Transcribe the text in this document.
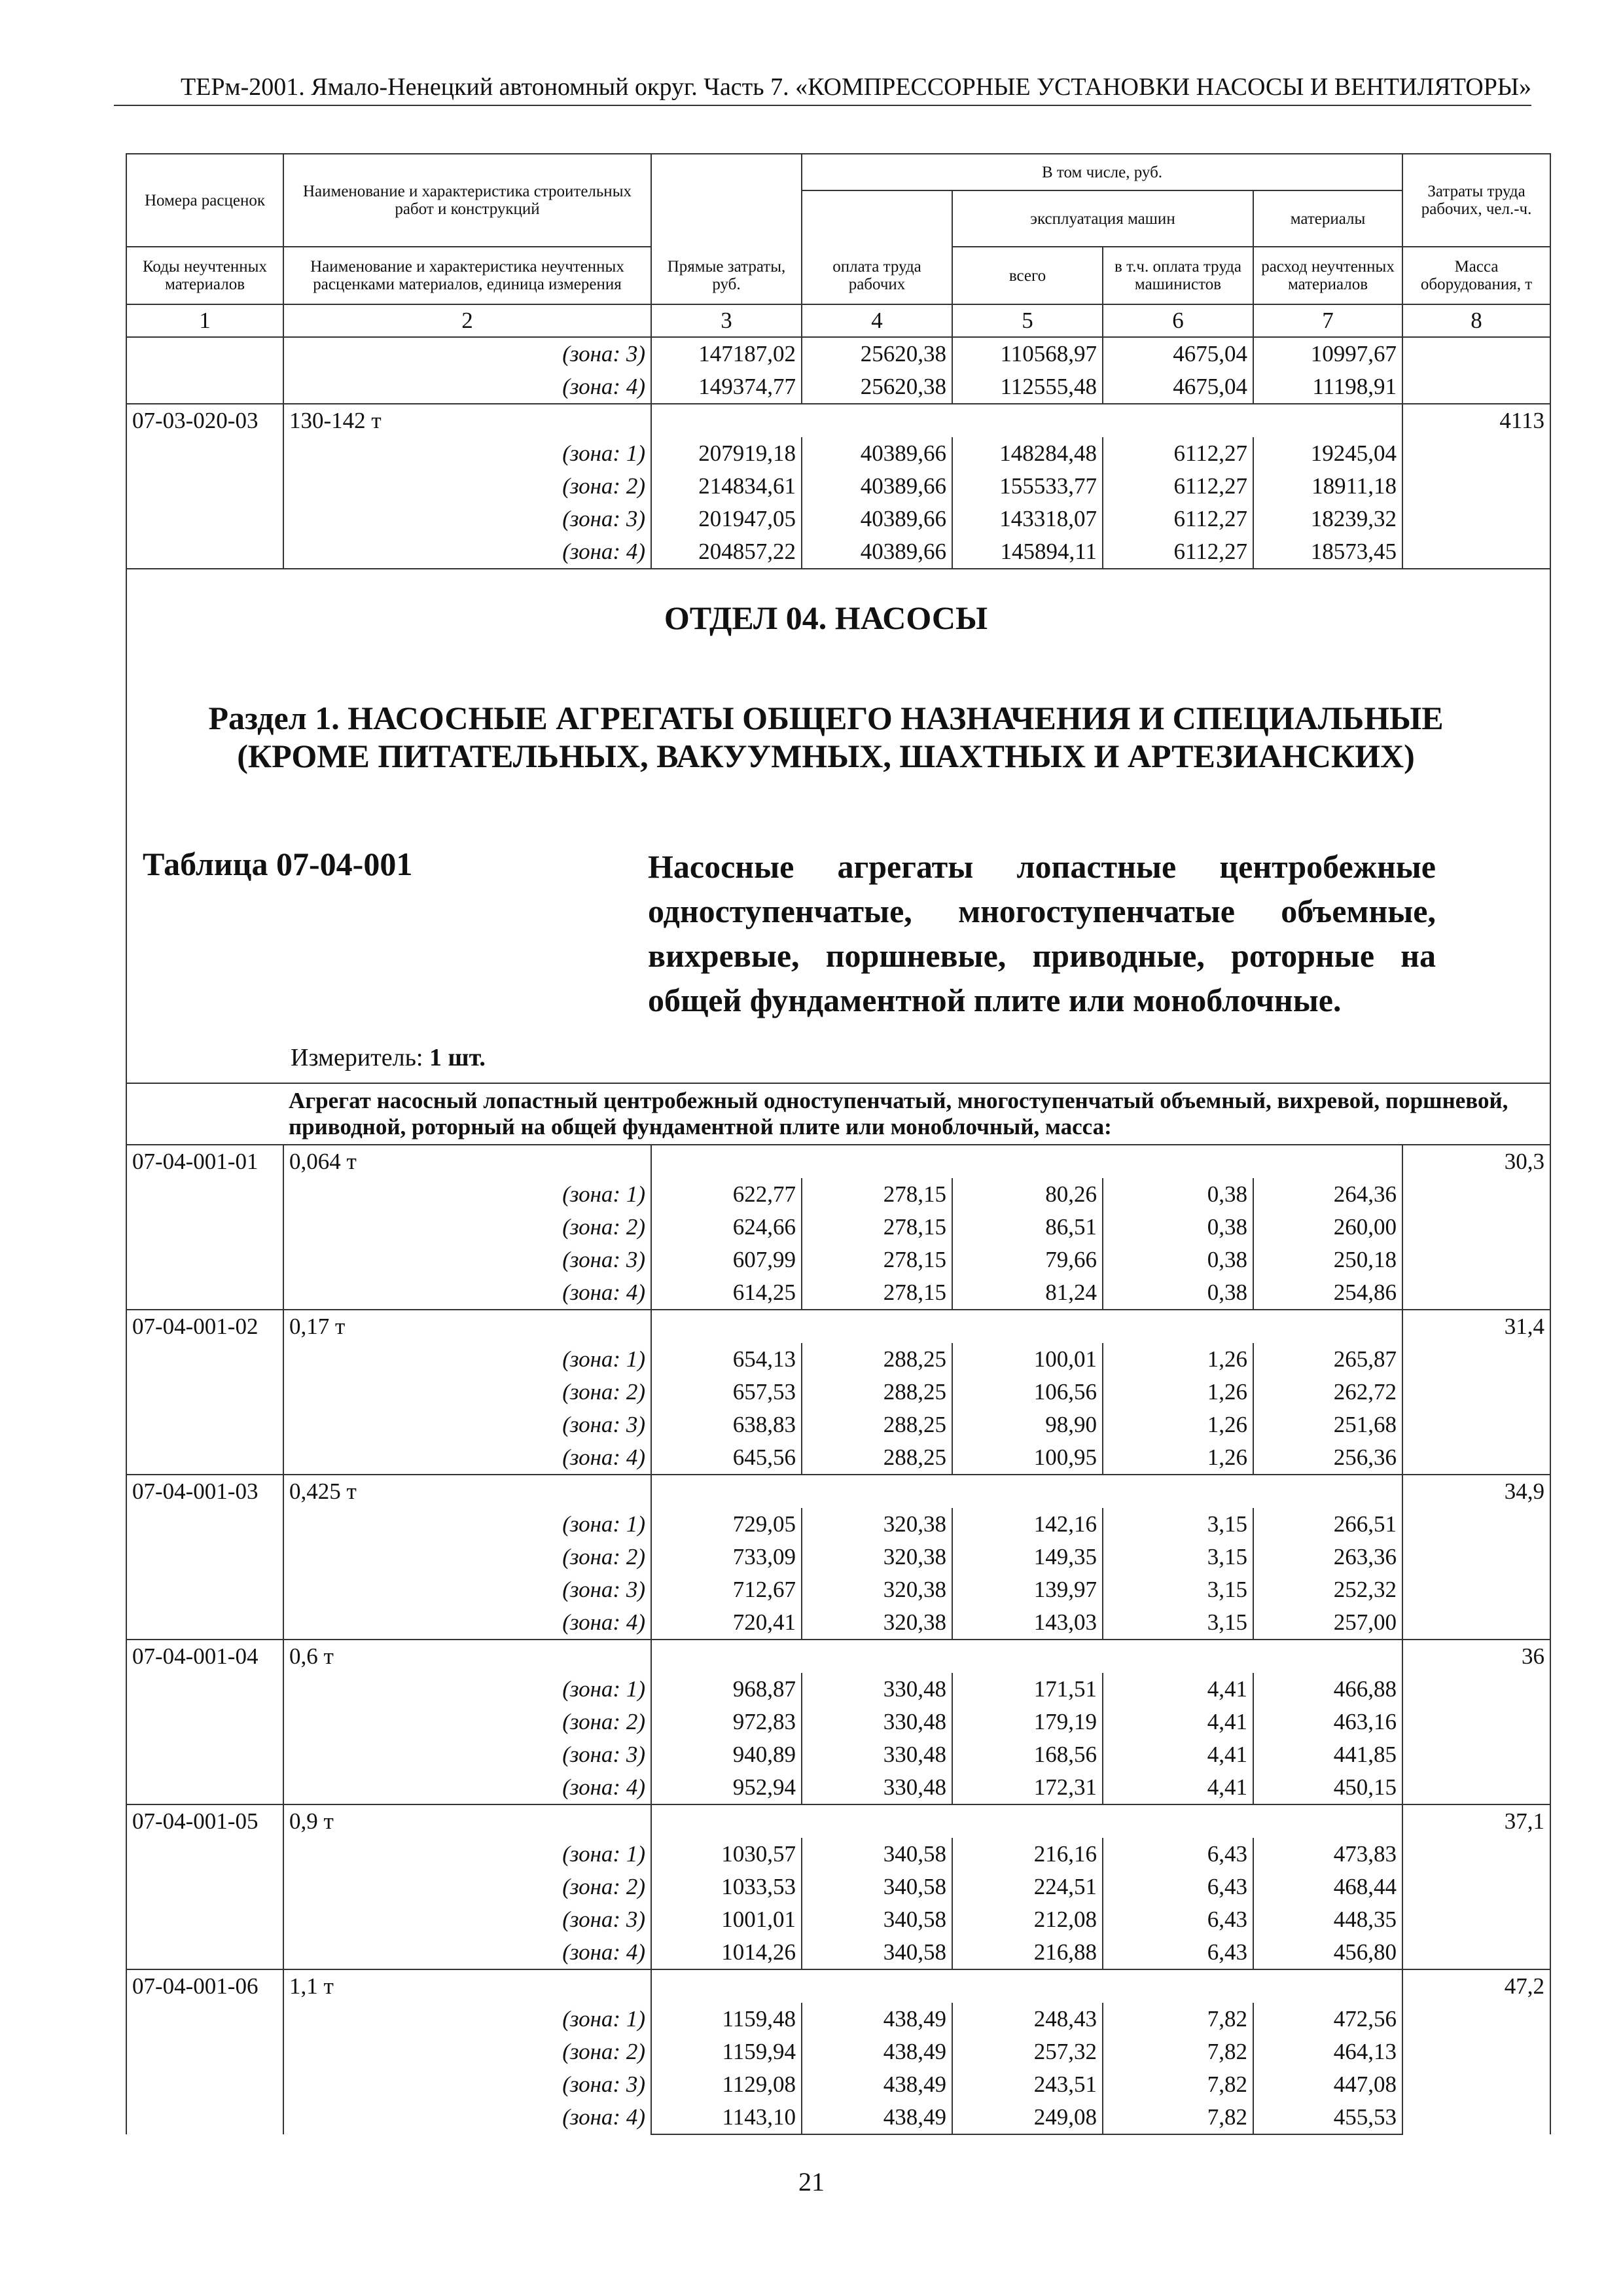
ТЕРм-2001. Ямало-Ненецкий автономный округ. Часть 7. «КОМПРЕССОРНЫЕ УСТАНОВКИ НАСОСЫ И ВЕНТИЛЯТОРЫ»
Номера расценок	Наименование и характеристика строительных работ и конструкций		В том числе, руб.				Затраты труда рабочих, чел.-ч.
				эксплуатация машин		материалы	
Коды неучтенных материалов	Наименование и характеристика неучтенных расценками материалов, единица измерения	Прямые затраты, руб.	оплата труда рабочих	всего	в т.ч. оплата труда машинистов	расход неучтенных материалов	Масса оборудования, т
1	2	3	4	5	6	7	8
	(зона: 3)	147187,02	25620,38	110568,97	4675,04	10997,67	
	(зона: 4)	149374,77	25620,38	112555,48	4675,04	11198,91	
07-03-020-03	130-142 т						4113
	(зона: 1)	207919,18	40389,66	148284,48	6112,27	19245,04	
	(зона: 2)	214834,61	40389,66	155533,77	6112,27	18911,18	
	(зона: 3)	201947,05	40389,66	143318,07	6112,27	18239,32	
	(зона: 4)	204857,22	40389,66	145894,11	6112,27	18573,45	

ОТДЕЛ 04. НАСОСЫ
Раздел 1. НАСОСНЫЕ АГРЕГАТЫ ОБЩЕГО НАЗНАЧЕНИЯ И СПЕЦИАЛЬНЫЕ (КРОМЕ ПИТАТЕЛЬНЫХ, ВАКУУМНЫХ, ШАХТНЫХ И АРТЕЗИАНСКИХ)
Таблица 07-04-001 Насосные агрегаты лопастные центробежные одноступенчатые, многоступенчатые объемные, вихревые, поршневые, приводные, роторные на общей фундаментной плите или моноблочные.
Измеритель: 1 шт.							

	Агрегат насосный лопастный центробежный одноступенчатый, многоступенчатый объемный, вихревой, поршневой, приводной, роторный на общей фундаментной плите или моноблочный, масса:						
07-04-001-01	0,064 т						30,3
	(зона: 1)	622,77	278,15	80,26	0,38	264,36	
	(зона: 2)	624,66	278,15	86,51	0,38	260,00	
	(зона: 3)	607,99	278,15	79,66	0,38	250,18	
	(зона: 4)	614,25	278,15	81,24	0,38	254,86	
07-04-001-02	0,17 т						31,4
	(зона: 1)	654,13	288,25	100,01	1,26	265,87	
	(зона: 2)	657,53	288,25	106,56	1,26	262,72	
	(зона: 3)	638,83	288,25	98,90	1,26	251,68	
	(зона: 4)	645,56	288,25	100,95	1,26	256,36	
07-04-001-03	0,425 т						34,9
	(зона: 1)	729,05	320,38	142,16	3,15	266,51	
	(зона: 2)	733,09	320,38	149,35	3,15	263,36	
	(зона: 3)	712,67	320,38	139,97	3,15	252,32	
	(зона: 4)	720,41	320,38	143,03	3,15	257,00	
07-04-001-04	0,6 т						36
	(зона: 1)	968,87	330,48	171,51	4,41	466,88	
	(зона: 2)	972,83	330,48	179,19	4,41	463,16	
	(зона: 3)	940,89	330,48	168,56	4,41	441,85	
	(зона: 4)	952,94	330,48	172,31	4,41	450,15	
07-04-001-05	0,9 т						37,1
	(зона: 1)	1030,57	340,58	216,16	6,43	473,83	
	(зона: 2)	1033,53	340,58	224,51	6,43	468,44	
	(зона: 3)	1001,01	340,58	212,08	6,43	448,35	
	(зона: 4)	1014,26	340,58	216,88	6,43	456,80	
07-04-001-06	1,1 т						47,2
	(зона: 1)	1159,48	438,49	248,43	7,82	472,56	
	(зона: 2)	1159,94	438,49	257,32	7,82	464,13	
	(зона: 3)	1129,08	438,49	243,51	7,82	447,08	
	(зона: 4)	1143,10	438,49	249,08	7,82	455,53	
21
